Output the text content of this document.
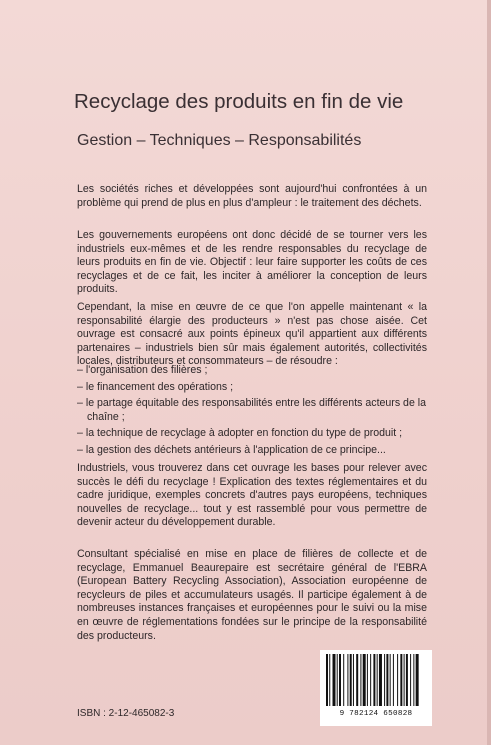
Recyclage des produits en fin de vie
Gestion – Techniques – Responsabilités

Les sociétés riches et développées sont aujourd'hui confrontées à un problème qui prend de plus en plus d'ampleur : le traitement des déchets.

Les gouvernements européens ont donc décidé de se tourner vers les industriels eux-mêmes et de les rendre responsables du recyclage de leurs produits en fin de vie. Objectif : leur faire supporter les coûts de ces recyclages et de ce fait, les inciter à améliorer la conception de leurs produits.

Cependant, la mise en œuvre de ce que l'on appelle maintenant « la responsabilité élargie des producteurs » n'est pas chose aisée. Cet ouvrage est consacré aux points épineux qu'il appartient aux différents partenaires – industriels bien sûr mais également autorités, collectivités locales, distributeurs et consommateurs – de résoudre :

– l'organisation des filières ;
– le financement des opérations ;
– le partage équitable des responsabilités entre les différents acteurs de la chaîne ;
– la technique de recyclage à adopter en fonction du type de produit ;
– la gestion des déchets antérieurs à l'application de ce principe...

Industriels, vous trouverez dans cet ouvrage les bases pour relever avec succès le défi du recyclage ! Explication des textes réglementaires et du cadre juridique, exemples concrets d'autres pays européens, techniques nouvelles de recyclage... tout y est rassemblé pour vous permettre de devenir acteur du développement durable.

Consultant spécialisé en mise en place de filières de collecte et de recyclage, Emmanuel Beaurepaire est secrétaire général de l'EBRA (European Battery Recycling Association), Association européenne de recycleurs de piles et accumulateurs usagés. Il participe également à de nombreuses instances françaises et européennes pour le suivi ou la mise en œuvre de réglementations fondées sur le principe de la responsabilité des producteurs.

ISBN : 2-12-465082-3	9 782124 650828
